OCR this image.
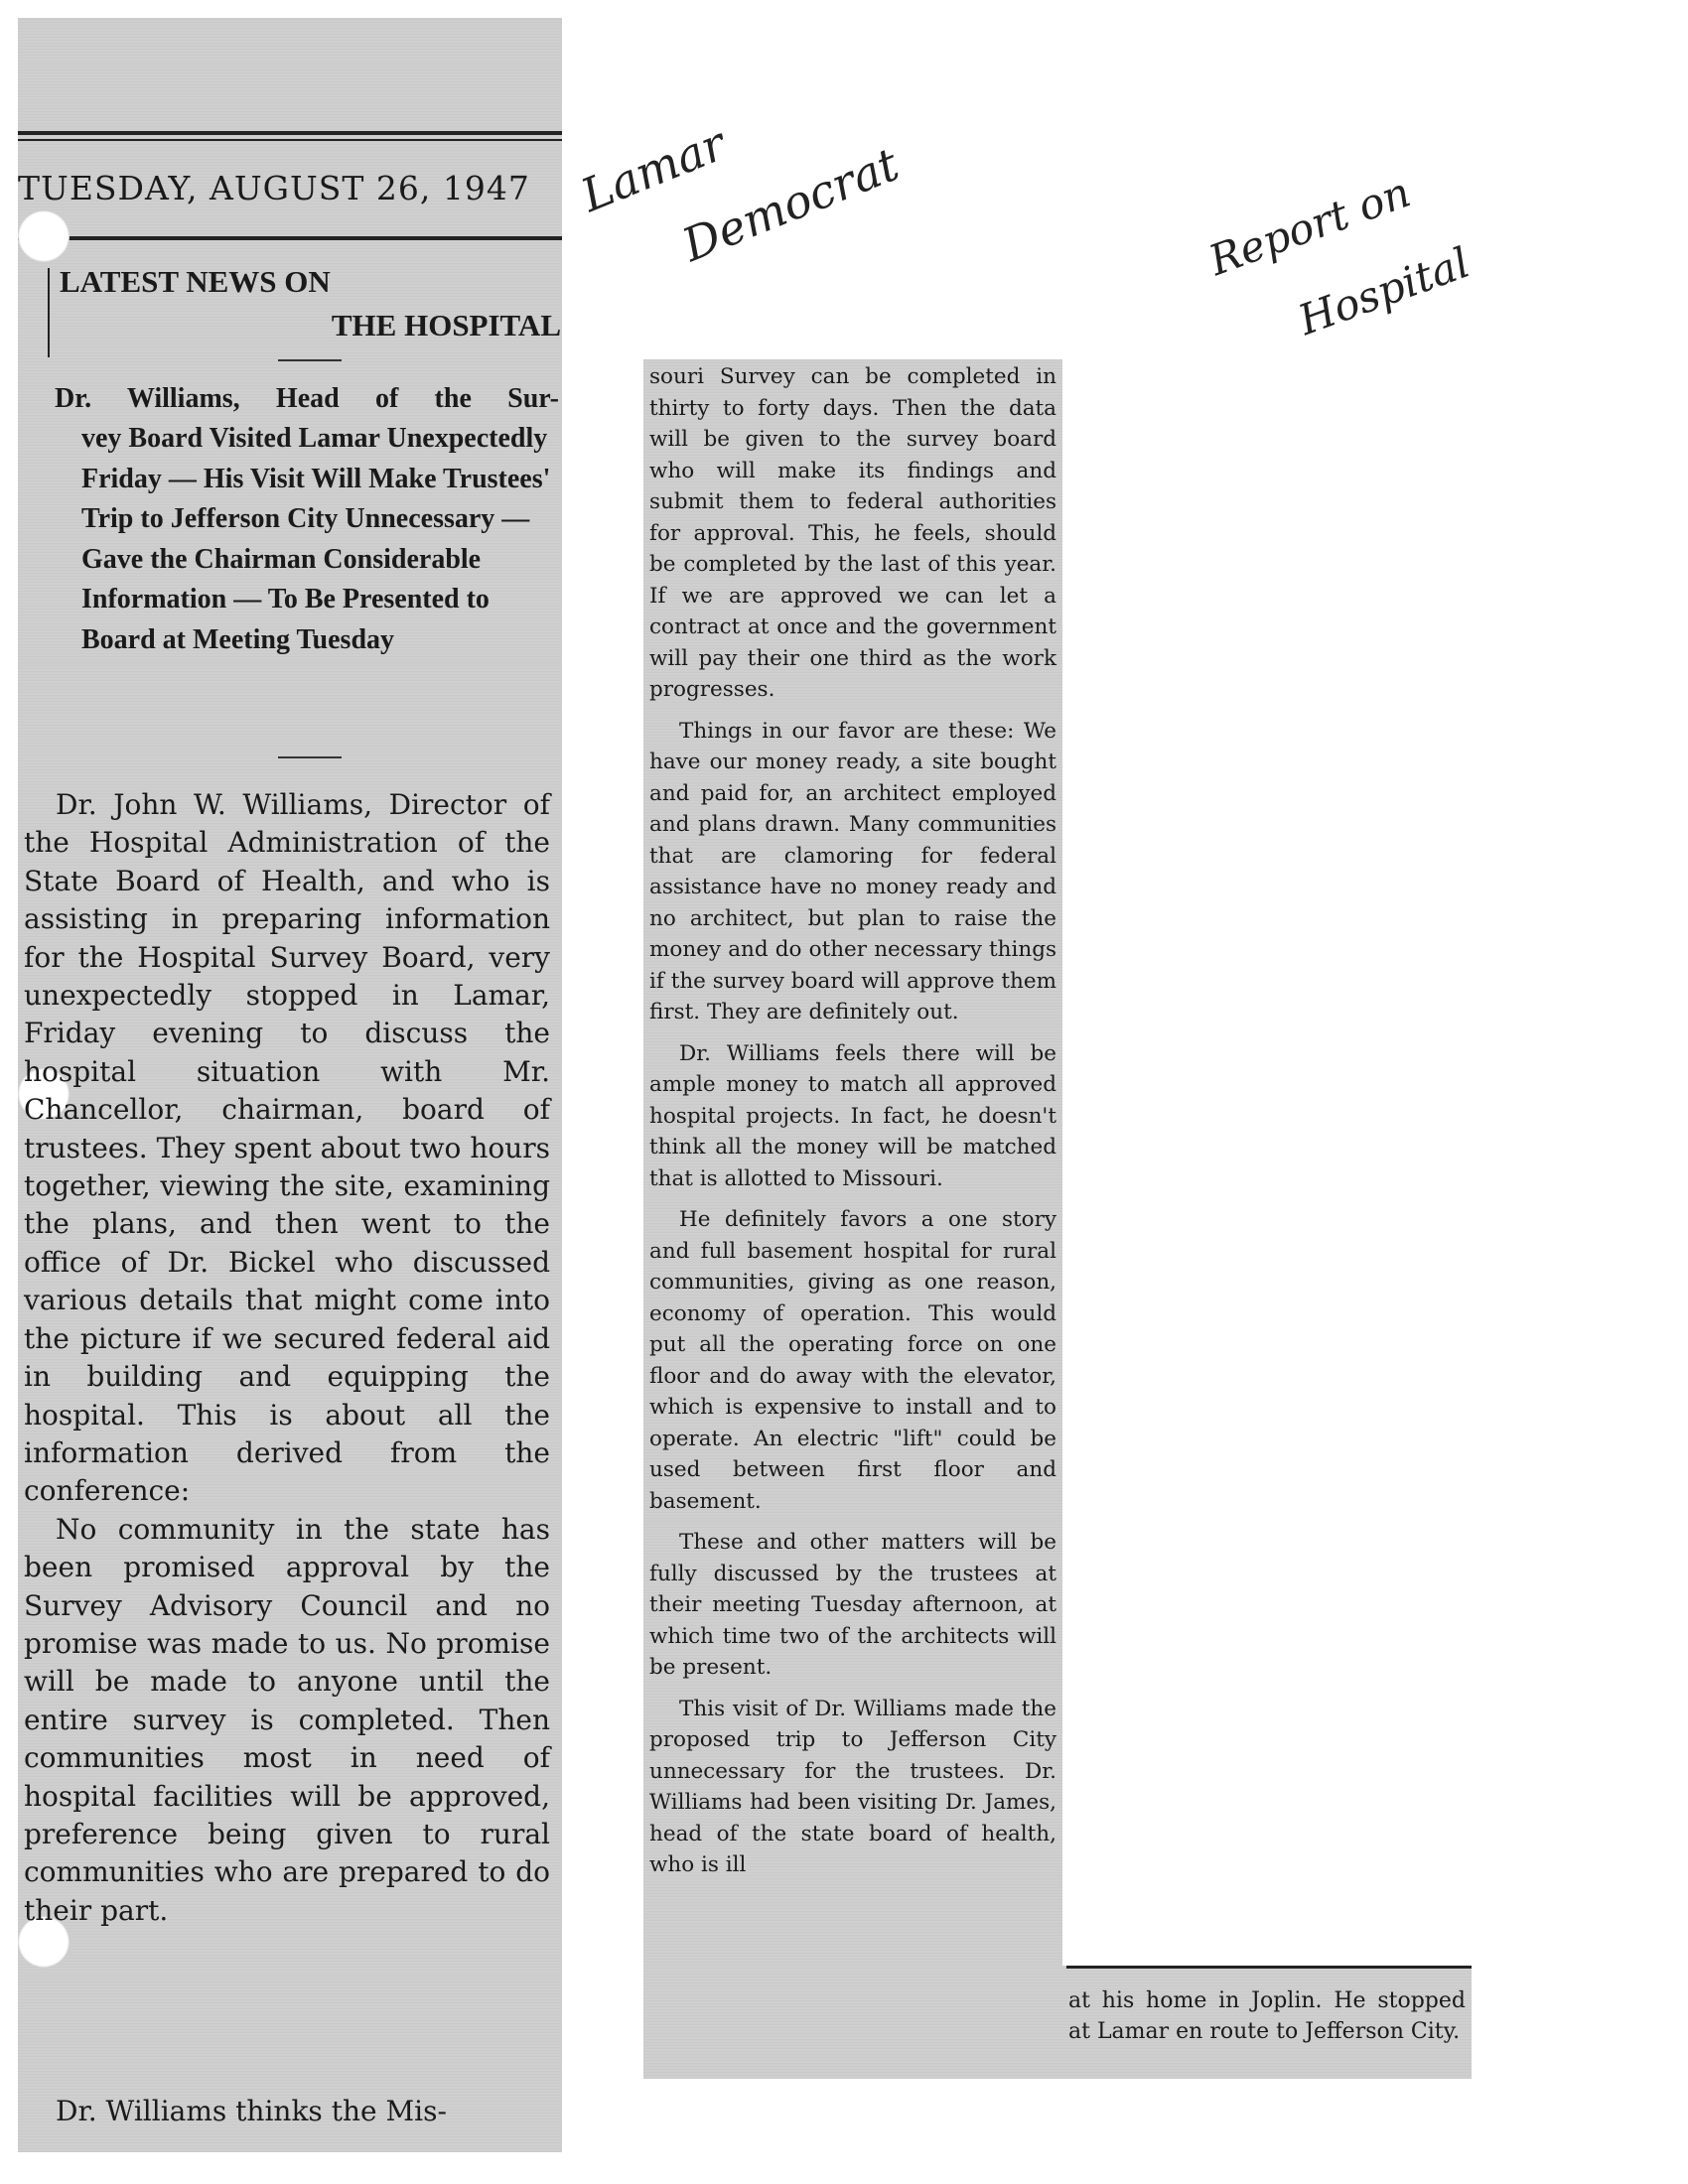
Lamar
Democrat	Report on
Hospital
TUESDAY, AUGUST 26, 1947
LATEST NEWS ON
THE HOSPITAL
Dr. Williams, Head of the Sur-
vey Board Visited Lamar Unexpectedly Friday — His Visit Will Make Trustees' Trip to Jefferson City Unnecessary — Gave the Chairman Considerable Information — To Be Presented to Board at Meeting Tuesday

Dr. John W. Williams, Director of the Hospital Administration of the State Board of Health, and who is assisting in preparing information for the Hospital Survey Board, very unexpectedly stopped in Lamar, Friday evening to discuss the hospital situation with Mr. Chancellor, chairman, board of trustees. They spent about two hours together, viewing the site, examining the plans, and then went to the office of Dr. Bickel who discussed various details that might come into the picture if we secured federal aid in building and equipping the hospital. This is about all the information derived from the conference:

No community in the state has been promised approval by the Survey Advisory Council and no promise was made to us. No promise will be made to anyone until the entire survey is completed. Then communities most in need of hospital facilities will be approved, preference being given to rural communities who are prepared to do their part.

Dr. Williams thinks the Mis-

souri Survey can be completed in thirty to forty days. Then the data will be given to the survey board who will make its findings and submit them to federal authorities for approval. This, he feels, should be completed by the last of this year. If we are approved we can let a contract at once and the government will pay their one third as the work progresses.

Things in our favor are these: We have our money ready, a site bought and paid for, an architect employed and plans drawn. Many communities that are clamoring for federal assistance have no money ready and no architect, but plan to raise the money and do other necessary things if the survey board will approve them first. They are definitely out.

Dr. Williams feels there will be ample money to match all approved hospital projects. In fact, he doesn't think all the money will be matched that is allotted to Missouri.

He definitely favors a one story and full basement hospital for rural communities, giving as one reason, economy of operation. This would put all the operating force on one floor and do away with the elevator, which is expensive to install and to operate. An electric "lift" could be used between first floor and basement.

These and other matters will be fully discussed by the trustees at their meeting Tuesday afternoon, at which time two of the architects will be present.

This visit of Dr. Williams made the proposed trip to Jefferson City unnecessary for the trustees. Dr. Williams had been visiting Dr. James, head of the state board of health, who is ill

at his home in Joplin. He stopped at Lamar en route to Jefferson City.
